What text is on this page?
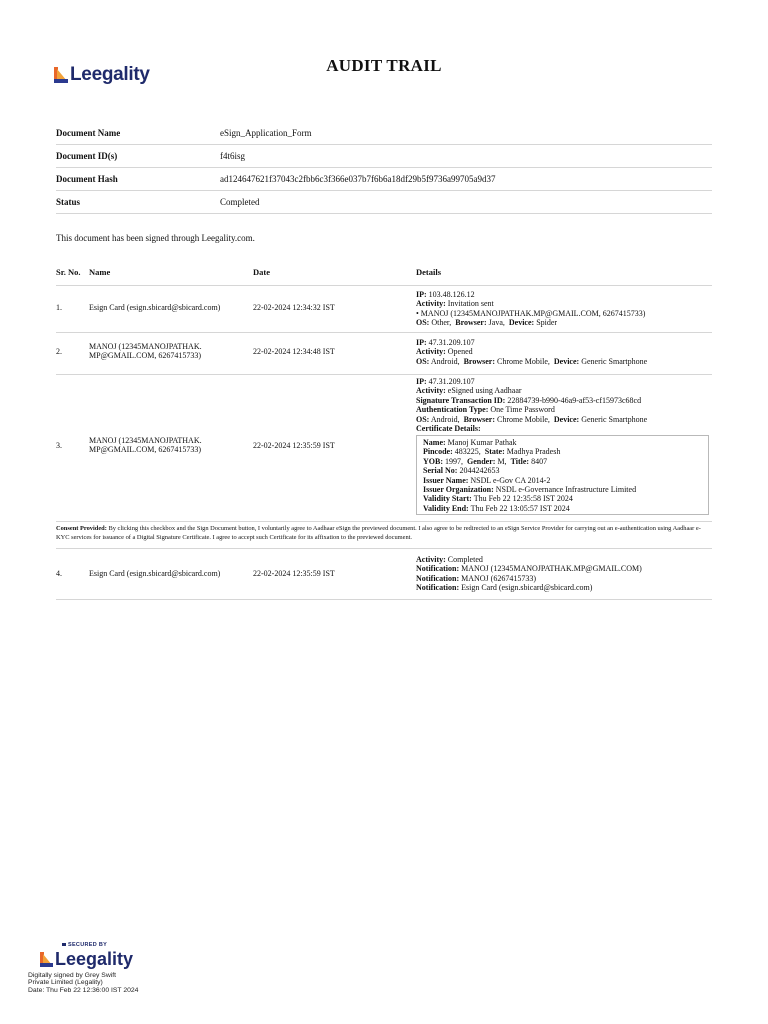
Leegality	AUDIT TRAIL
Document Name	eSign_Application_Form
Document ID(s)	f4t6isg
Document Hash	ad124647621f37043c2fbb6c3f366e037b7f6b6a18df29b5f9736a99705a9d37
Status	Completed
This document has been signed through Leegality.com.
Sr. No. Name	Date	Details
1.	Esign Card (esign.sbicard@sbicard.com)	22-02-2024 12:34:32 IST
IP: 103.48.126.12
Activity: Invitation sent
• MANOJ (12345MANOJPATHAK.MP@GMAIL.COM, 6267415733)
OS: Other, Browser: Java, Device: Spider
2.
MANOJ (12345MANOJPATHAK.
MP@GMAIL.COM, 6267415733)	22-02-2024 12:34:48 IST
IP: 47.31.209.107
Activity: Opened
OS: Android, Browser: Chrome Mobile, Device: Generic Smartphone
3.
MANOJ (12345MANOJPATHAK.
MP@GMAIL.COM, 6267415733)	22-02-2024 12:35:59 IST
IP: 47.31.209.107
Activity: eSigned using Aadhaar
Signature Transaction ID: 22884739-b990-46a9-af53-cf15973c68cd
Authentication Type: One Time Password
OS: Android, Browser: Chrome Mobile, Device: Generic Smartphone
Certificate Details:
Name: Manoj Kumar Pathak
Pincode: 483225, State: Madhya Pradesh
YOB: 1997, Gender: M, Title: 8407
Serial No: 2044242653
Issuer Name: NSDL e-Gov CA 2014-2
Issuer Organization: NSDL e-Governance Infrastructure Limited
Validity Start: Thu Feb 22 12:35:58 IST 2024
Validity End: Thu Feb 22 13:05:57 IST 2024
Consent Provided: By clicking this checkbox and the Sign Document button, I voluntarily agree to Aadhaar eSign the previewed document. I also agree to be redirected to an eSign Service Provider for carrying out an e-authentication using Aadhaar e-KYC services for issuance of a Digital Signature Certificate. I agree to accept such Certificate for its affixation to the previewed document.
4.	Esign Card (esign.sbicard@sbicard.com)	22-02-2024 12:35:59 IST
Activity: Completed
Notification: MANOJ (12345MANOJPATHAK.MP@GMAIL.COM)
Notification: MANOJ (6267415733)
Notification: Esign Card (esign.sbicard@sbicard.com)
SECURED BY
Leegality
Digitally signed by Grey Swift
Private Limited (Legality)
Date: Thu Feb 22 12:36:00 IST 2024
